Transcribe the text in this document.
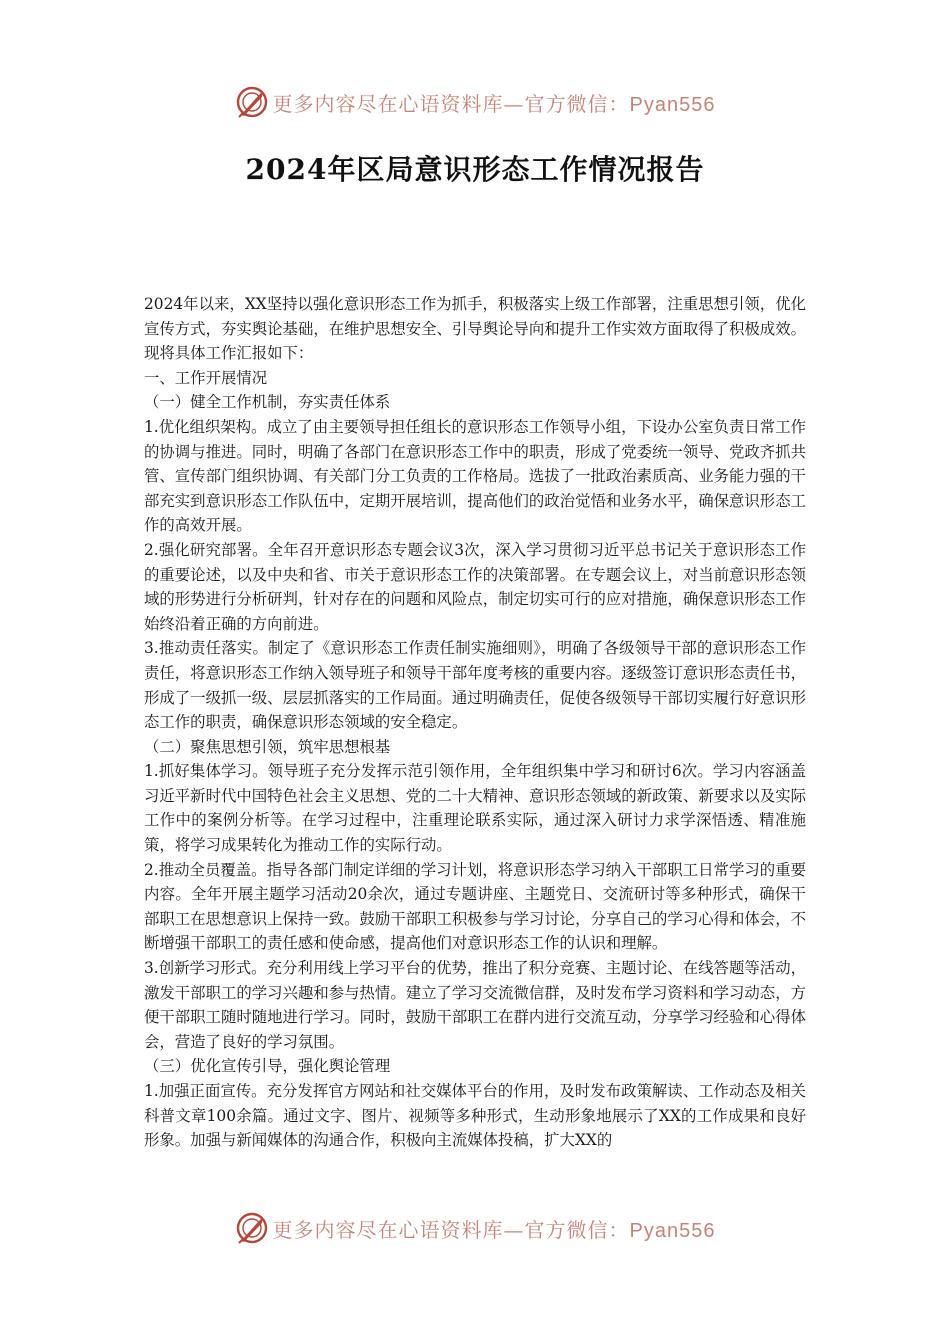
更多内容尽在心语资料库—官方微信：Pyan556
2024年区局意识形态工作情况报告

2024年以来，XX坚持以强化意识形态工作为抓手，积极落实上级工作部署，注重思想引领，优化宣传方式，夯实舆论基础，在维护思想安全、引导舆论导向和提升工作实效方面取得了积极成效。现将具体工作汇报如下：

一、工作开展情况

（一）健全工作机制，夯实责任体系

1.优化组织架构。成立了由主要领导担任组长的意识形态工作领导小组，下设办公室负责日常工作的协调与推进。同时，明确了各部门在意识形态工作中的职责，形成了党委统一领导、党政齐抓共管、宣传部门组织协调、有关部门分工负责的工作格局。选拔了一批政治素质高、业务能力强的干部充实到意识形态工作队伍中，定期开展培训，提高他们的政治觉悟和业务水平，确保意识形态工作的高效开展。

2.强化研究部署。全年召开意识形态专题会议3次，深入学习贯彻习近平总书记关于意识形态工作的重要论述，以及中央和省、市关于意识形态工作的决策部署。在专题会议上，对当前意识形态领域的形势进行分析研判，针对存在的问题和风险点，制定切实可行的应对措施，确保意识形态工作始终沿着正确的方向前进。

3.推动责任落实。制定了《意识形态工作责任制实施细则》，明确了各级领导干部的意识形态工作责任，将意识形态工作纳入领导班子和领导干部年度考核的重要内容。逐级签订意识形态责任书，形成了一级抓一级、层层抓落实的工作局面。通过明确责任，促使各级领导干部切实履行好意识形态工作的职责，确保意识形态领域的安全稳定。

（二）聚焦思想引领，筑牢思想根基

1.抓好集体学习。领导班子充分发挥示范引领作用，全年组织集中学习和研讨6次。学习内容涵盖习近平新时代中国特色社会主义思想、党的二十大精神、意识形态领域的新政策、新要求以及实际工作中的案例分析等。在学习过程中，注重理论联系实际，通过深入研讨力求学深悟透、精准施策，将学习成果转化为推动工作的实际行动。

2.推动全员覆盖。指导各部门制定详细的学习计划，将意识形态学习纳入干部职工日常学习的重要内容。全年开展主题学习活动20余次，通过专题讲座、主题党日、交流研讨等多种形式，确保干部职工在思想意识上保持一致。鼓励干部职工积极参与学习讨论，分享自己的学习心得和体会，不断增强干部职工的责任感和使命感，提高他们对意识形态工作的认识和理解。

3.创新学习形式。充分利用线上学习平台的优势，推出了积分竞赛、主题讨论、在线答题等活动，激发干部职工的学习兴趣和参与热情。建立了学习交流微信群，及时发布学习资料和学习动态，方便干部职工随时随地进行学习。同时，鼓励干部职工在群内进行交流互动，分享学习经验和心得体会，营造了良好的学习氛围。

（三）优化宣传引导，强化舆论管理

1.加强正面宣传。充分发挥官方网站和社交媒体平台的作用，及时发布政策解读、工作动态及相关科普文章100余篇。通过文字、图片、视频等多种形式，生动形象地展示了XX的工作成果和良好形象。加强与新闻媒体的沟通合作，积极向主流媒体投稿，扩大XX的

更多内容尽在心语资料库—官方微信：Pyan556
